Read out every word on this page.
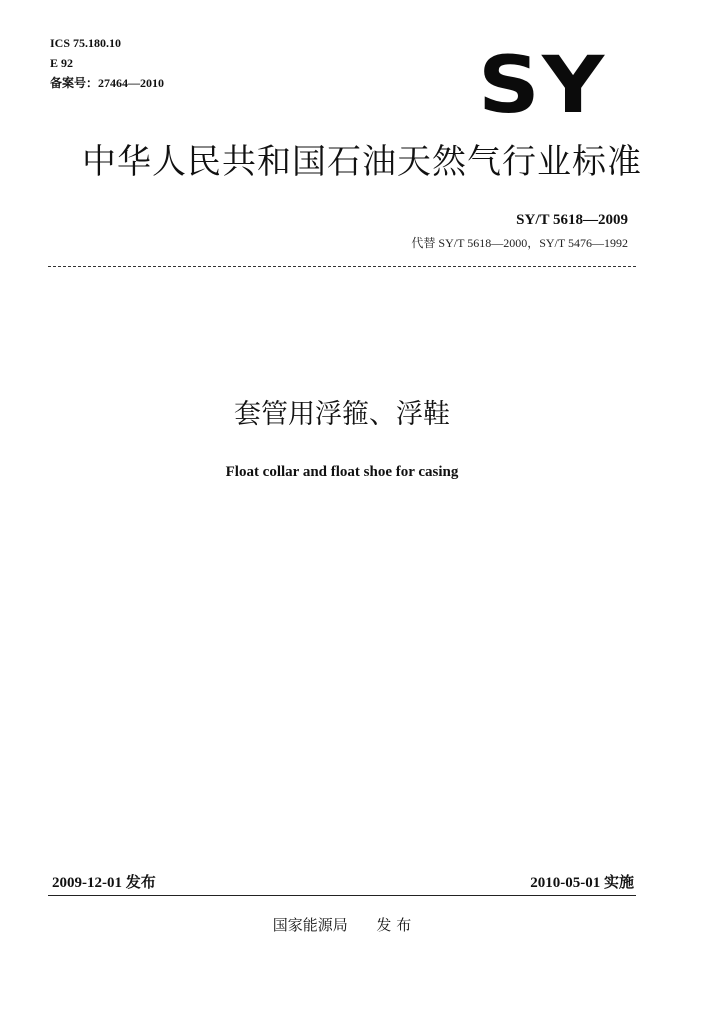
ICS 75.180.10
E 92
备案号：27464—2010	SY
中华人民共和国石油天然气行业标准
SY/T 5618—2009
代替 SY/T 5618—2000，SY/T 5476—1992
套管用浮箍、浮鞋
Float collar and float shoe for casing
2009-12-01 发布	2010-05-01 实施
国家能源局 发 布
